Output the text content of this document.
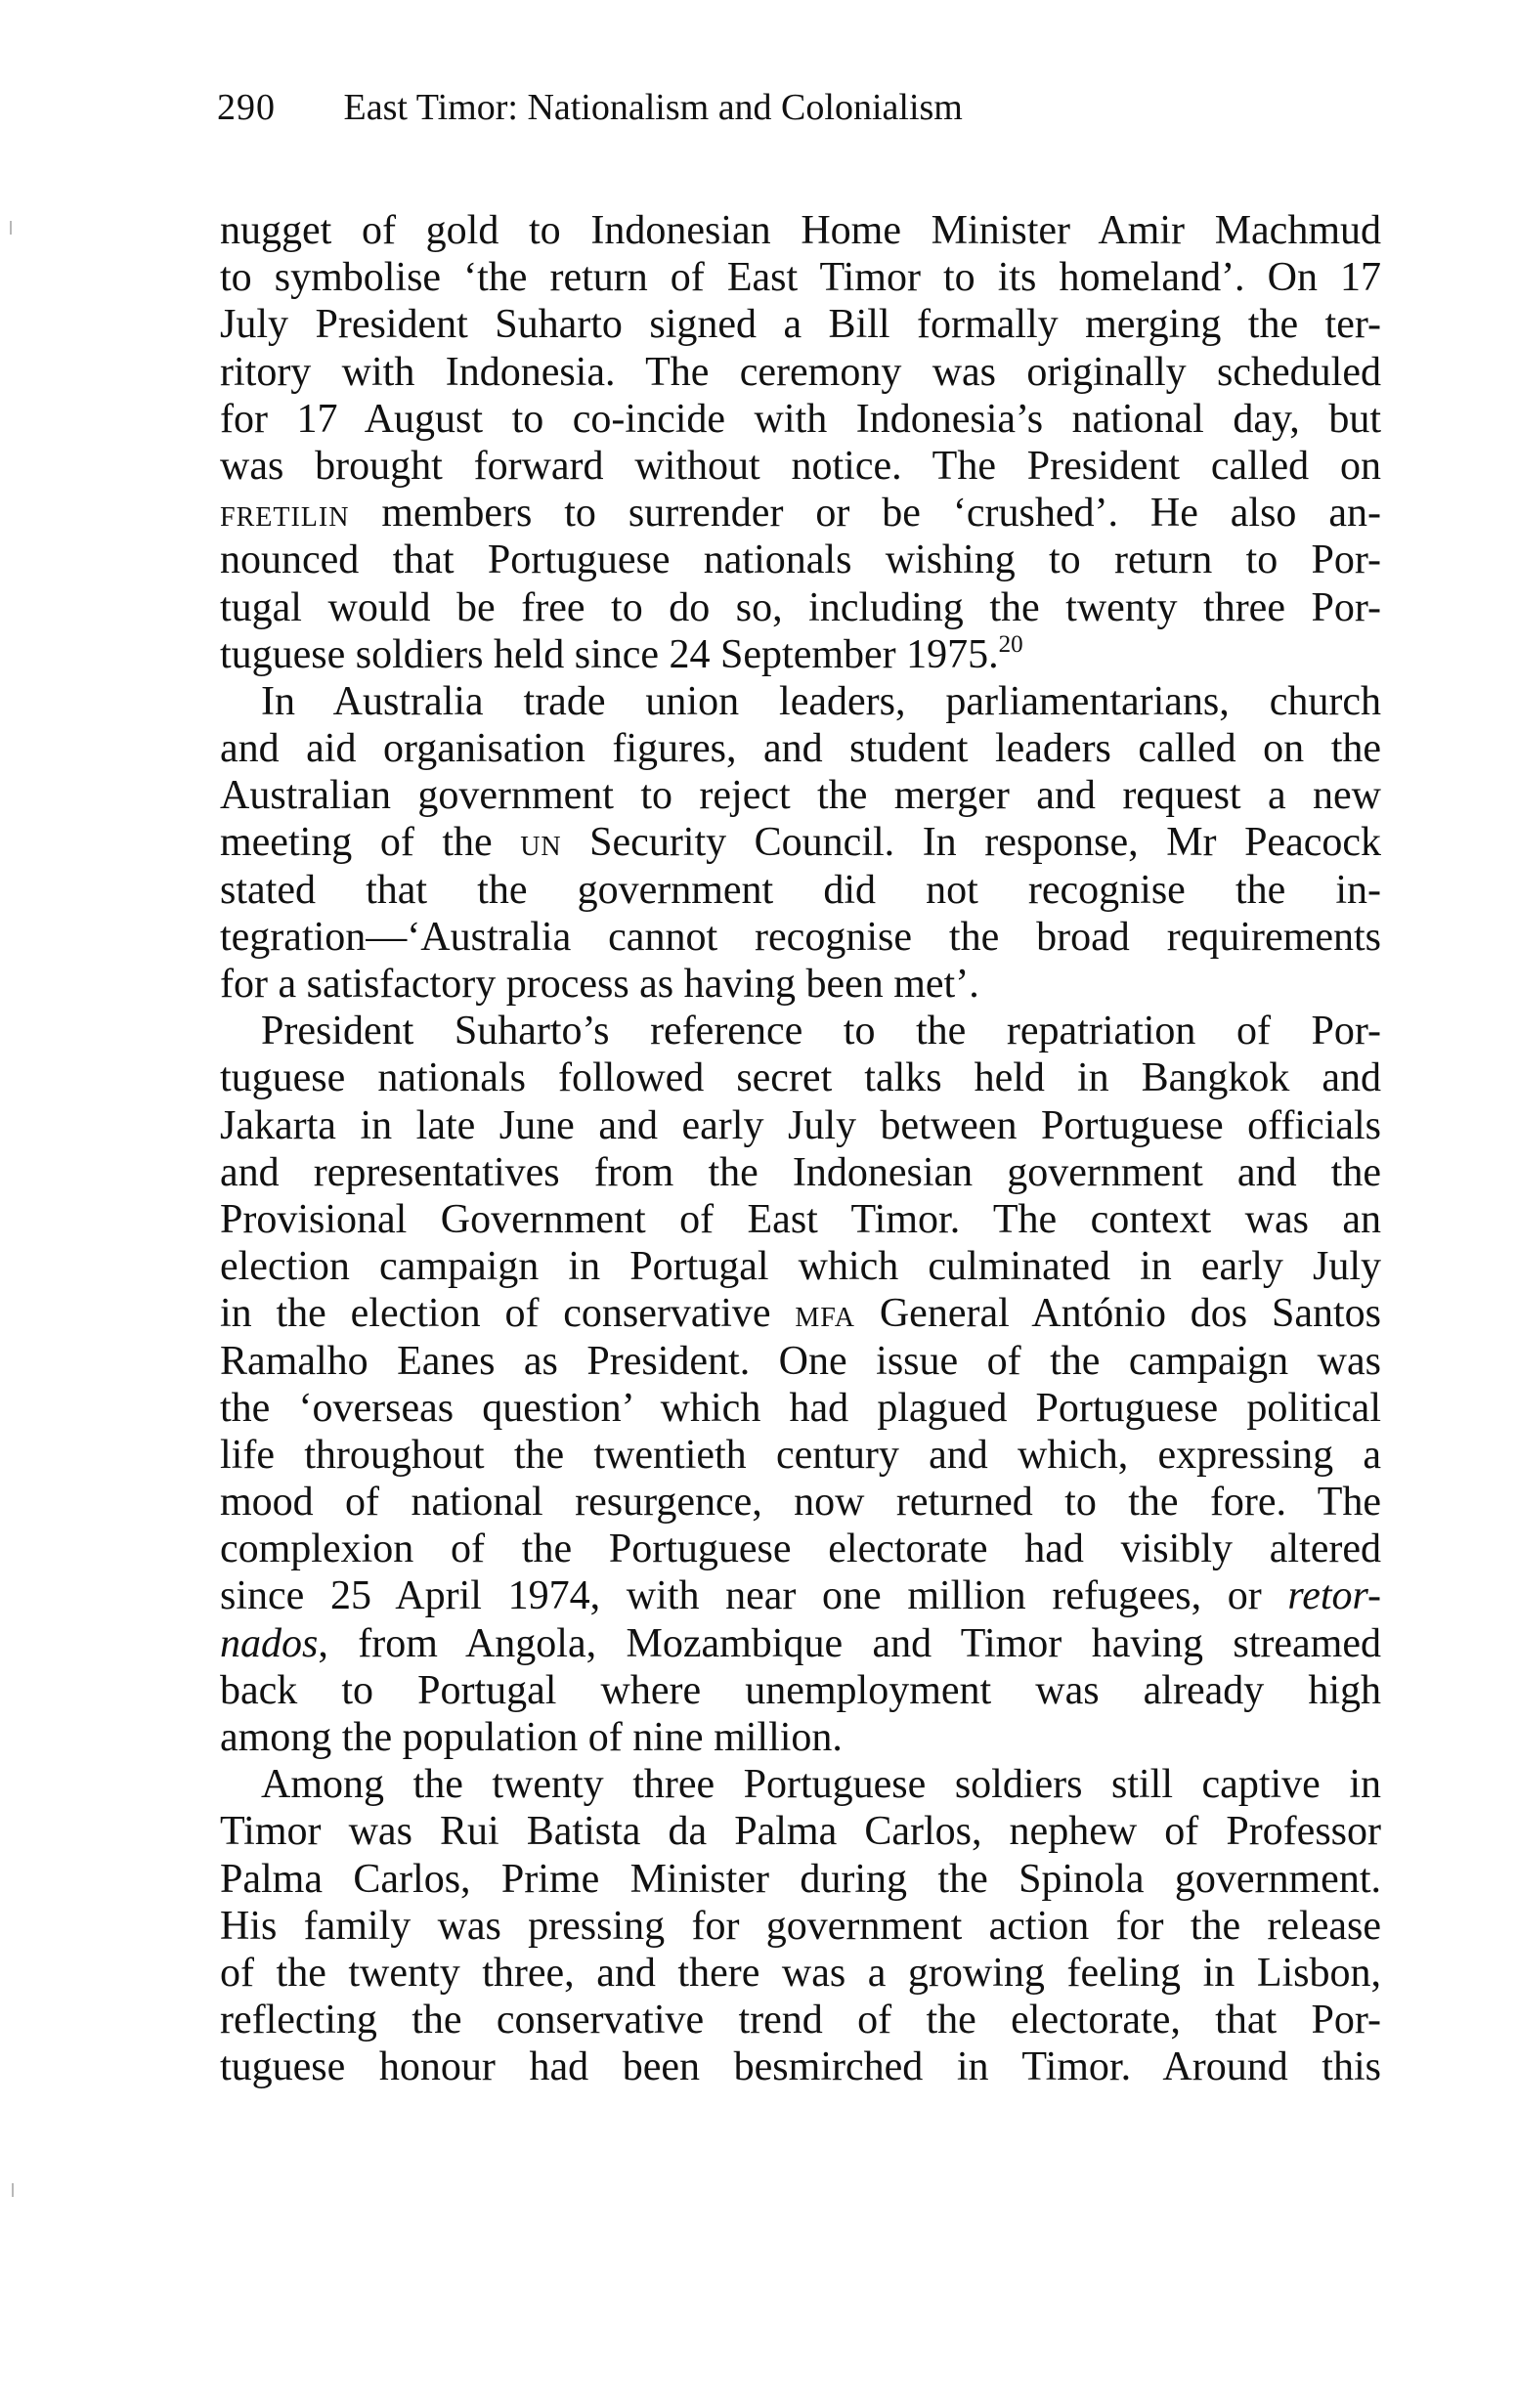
290 East Timor: Nationalism and Colonialism
nugget of gold to Indonesian Home Minister Amir Machmud
to symbolise ‘the return of East Timor to its homeland’. On 17
July President Suharto signed a Bill formally merging the ter-
ritory with Indonesia. The ceremony was originally scheduled
for 17 August to co-incide with Indonesia’s national day, but
was brought forward without notice. The President called on
FRETILIN members to surrender or be ‘crushed’. He also an-
nounced that Portuguese nationals wishing to return to Por-
tugal would be free to do so, including the twenty three Por-
tuguese soldiers held since 24 September 1975.20
In Australia trade union leaders, parliamentarians, church
and aid organisation figures, and student leaders called on the
Australian government to reject the merger and request a new
meeting of the UN Security Council. In response, Mr Peacock
stated that the government did not recognise the in-
tegration—‘Australia cannot recognise the broad requirements
for a satisfactory process as having been met’.
President Suharto’s reference to the repatriation of Por-
tuguese nationals followed secret talks held in Bangkok and
Jakarta in late June and early July between Portuguese officials
and representatives from the Indonesian government and the
Provisional Government of East Timor. The context was an
election campaign in Portugal which culminated in early July
in the election of conservative MFA General António dos Santos
Ramalho Eanes as President. One issue of the campaign was
the ‘overseas question’ which had plagued Portuguese political
life throughout the twentieth century and which, expressing a
mood of national resurgence, now returned to the fore. The
complexion of the Portuguese electorate had visibly altered
since 25 April 1974, with near one million refugees, or retor-
nados, from Angola, Mozambique and Timor having streamed
back to Portugal where unemployment was already high
among the population of nine million.
Among the twenty three Portuguese soldiers still captive in
Timor was Rui Batista da Palma Carlos, nephew of Professor
Palma Carlos, Prime Minister during the Spinola government.
His family was pressing for government action for the release
of the twenty three, and there was a growing feeling in Lisbon,
reflecting the conservative trend of the electorate, that Por-
tuguese honour had been besmirched in Timor. Around this
